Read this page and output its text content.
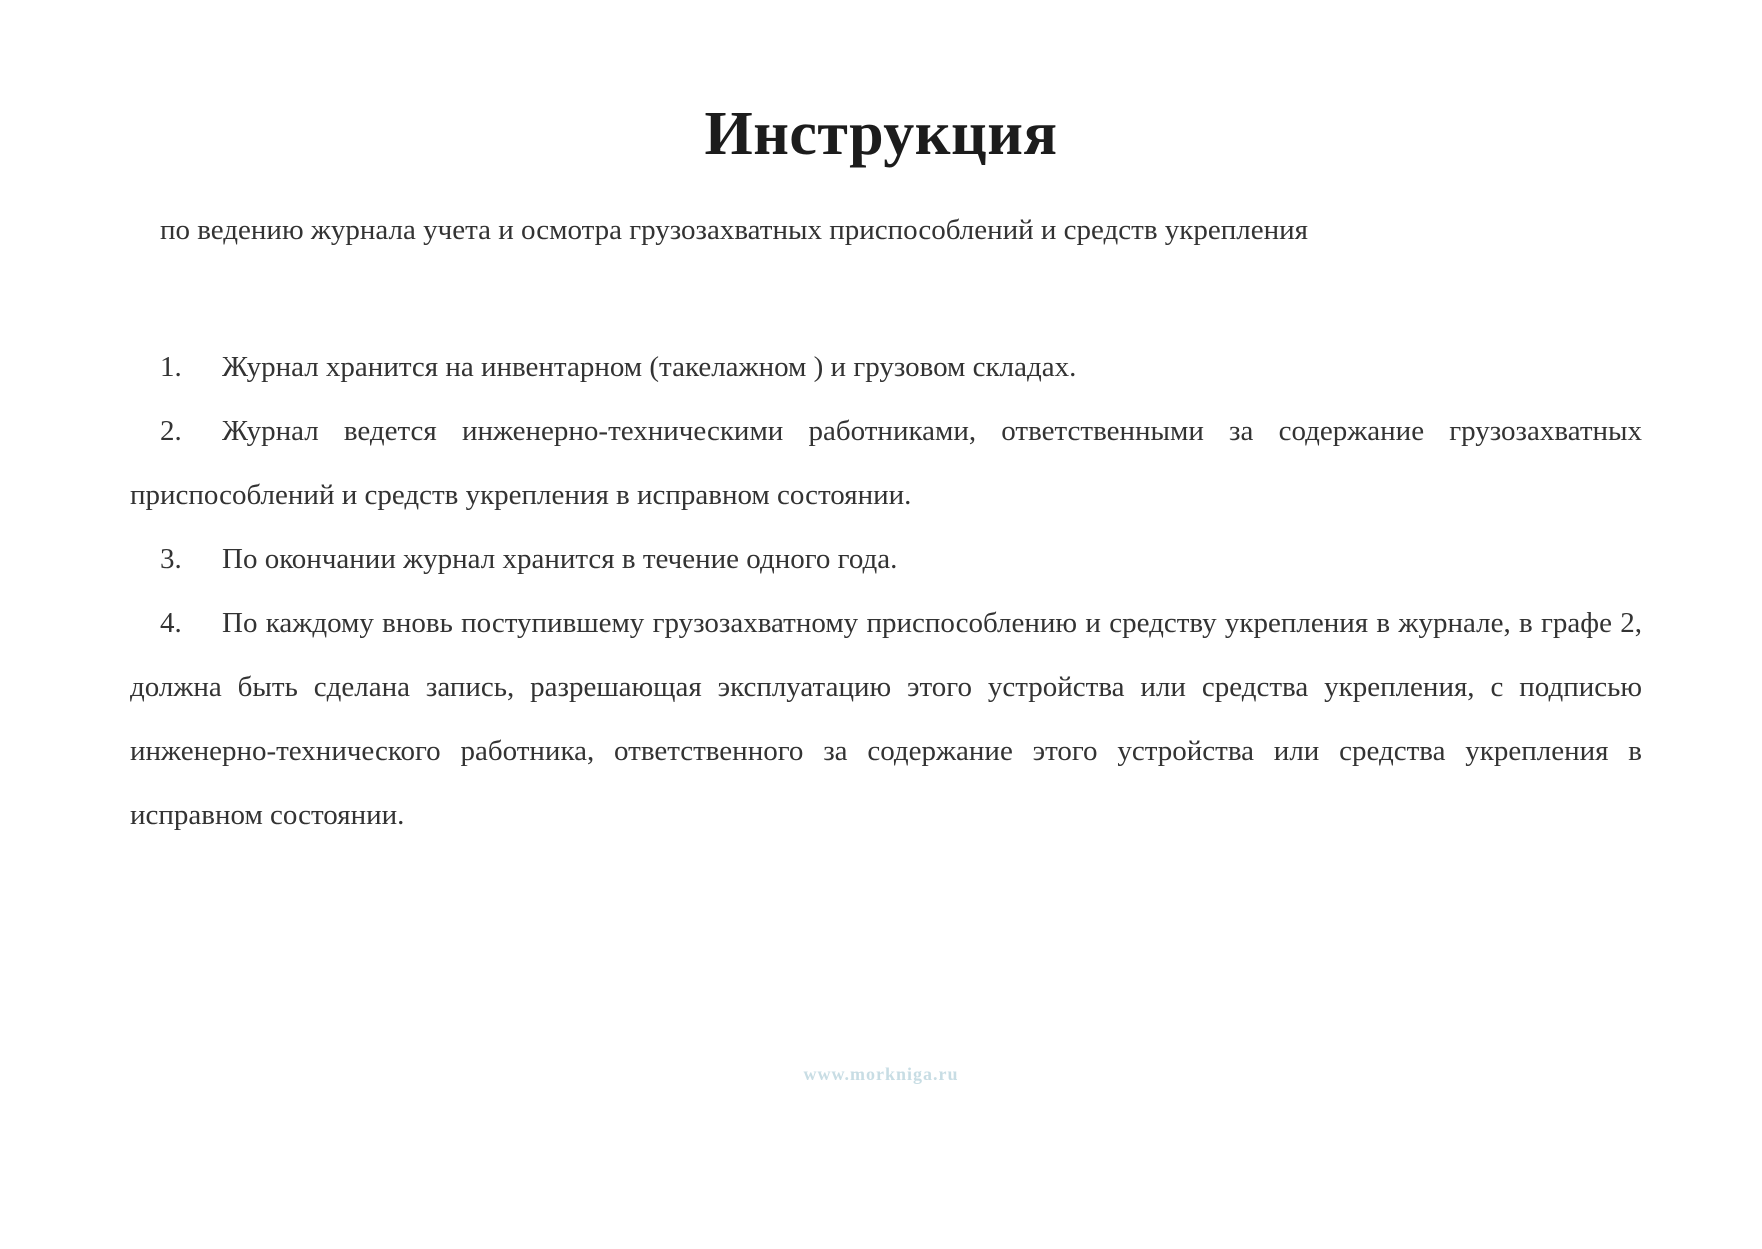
Инструкция
по ведению журнала учета и осмотра грузозахватных приспособлений и средств укрепления

1. Журнал хранится на инвентарном (такелажном ) и грузовом складах.

2. Журнал ведется инженерно-техническими работниками, ответственными за содержание грузозахватных приспособлений и средств укрепления в исправном состоянии.

3. По окончании журнал хранится в течение одного года.

4. По каждому вновь поступившему грузозахватному приспособлению и средству укрепления в журнале, в графе 2, должна быть сделана запись, разрешающая эксплуатацию этого устройства или средства укрепления, с подписью инженерно-технического работника, ответственного за содержание этого устройства или средства укрепления в исправном состоянии.

www.morkniga.ru
